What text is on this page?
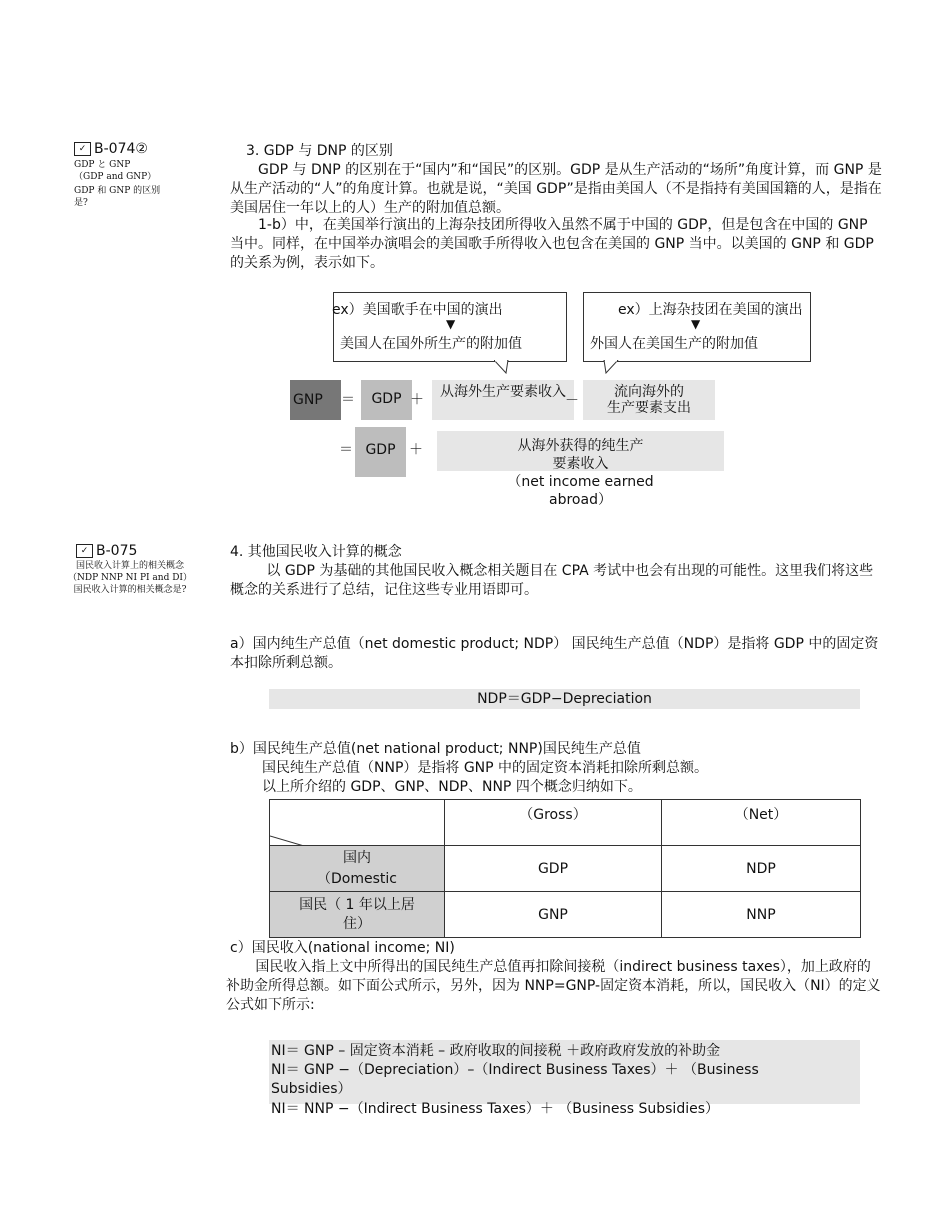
✓ B-074②
GDP と GNP
（GDP and GNP）
GDP 和 GNP 的区别
是?
3. GDP 与 DNP 的区别
GDP 与 DNP 的区别在于“国内”和“国民”的区别。GDP 是从生产活动的“场所”角度计算，而 GNP 是从生产活动的“人”的角度计算。也就是说，“美国 GDP”是指由美国人（不是指持有美国国籍的人，是指在美国居住一年以上的人）生产的附加值总额。
1-b）中，在美国举行演出的上海杂技团所得收入虽然不属于中国的 GDP，但是包含在中国的 GNP 当中。同样，在中国举办演唱会的美国歌手所得收入也包含在美国的 GNP 当中。以美国的 GNP 和 GDP 的关系为例，表示如下。
ex）美国歌手在中国的演出
▼
美国人在国外所生产的附加值
ex）上海杂技团在美国的演出
▼
外国人在美国生产的附加值
GNP	＝	GDP ＋	从海外生产要素收入
－
流向海外的
生产要素支出
＝ GDP ＋	从海外获得的纯生产
要素收入
（net income earned
abroad）
✓ B-075
国民收入计算上的相关概念
（NDP NNP NI PI and DI）
国民收入计算的相关概念是?
4. 其他国民收入计算的概念
以 GDP 为基础的其他国民收入概念相关题目在 CPA 考试中也会有出现的可能性。这里我们将这些概念的关系进行了总结，记住这些专业用语即可。
a）国内纯生产总值（net domestic product; NDP） 国民纯生产总值（NDP）是指将 GDP 中的固定资本扣除所剩总额。
NDP＝GDP−Depreciation
b）国民纯生产总值(net national product; NNP)国民纯生产总值
国民纯生产总值（NNP）是指将 GNP 中的固定资本消耗扣除所剩总额。
以上所介绍的 GDP、GNP、NDP、NNP 四个概念归纳如下。
	（Gross）	（Net）

国内
（Domestic	GDP	NDP

国民（ 1 年以上居
住）	GNP	NNP
c）国民收入(national income; NI)
国民收入指上文中所得出的国民纯生产总值再扣除间接税（indirect business taxes），加上政府的补助金所得总额。如下面公式所示，另外，因为 NNP=GNP-固定资本消耗，所以，国民收入（NI）的定义公式如下所示:
NI＝ GNP – 固定资本消耗 – 政府收取的间接税 ＋政府政府发放的补助金
NI＝ GNP −（Depreciation）–（Indirect Business Taxes）＋ （Business Subsidies）
NI＝ NNP −（Indirect Business Taxes）＋ （Business Subsidies）
